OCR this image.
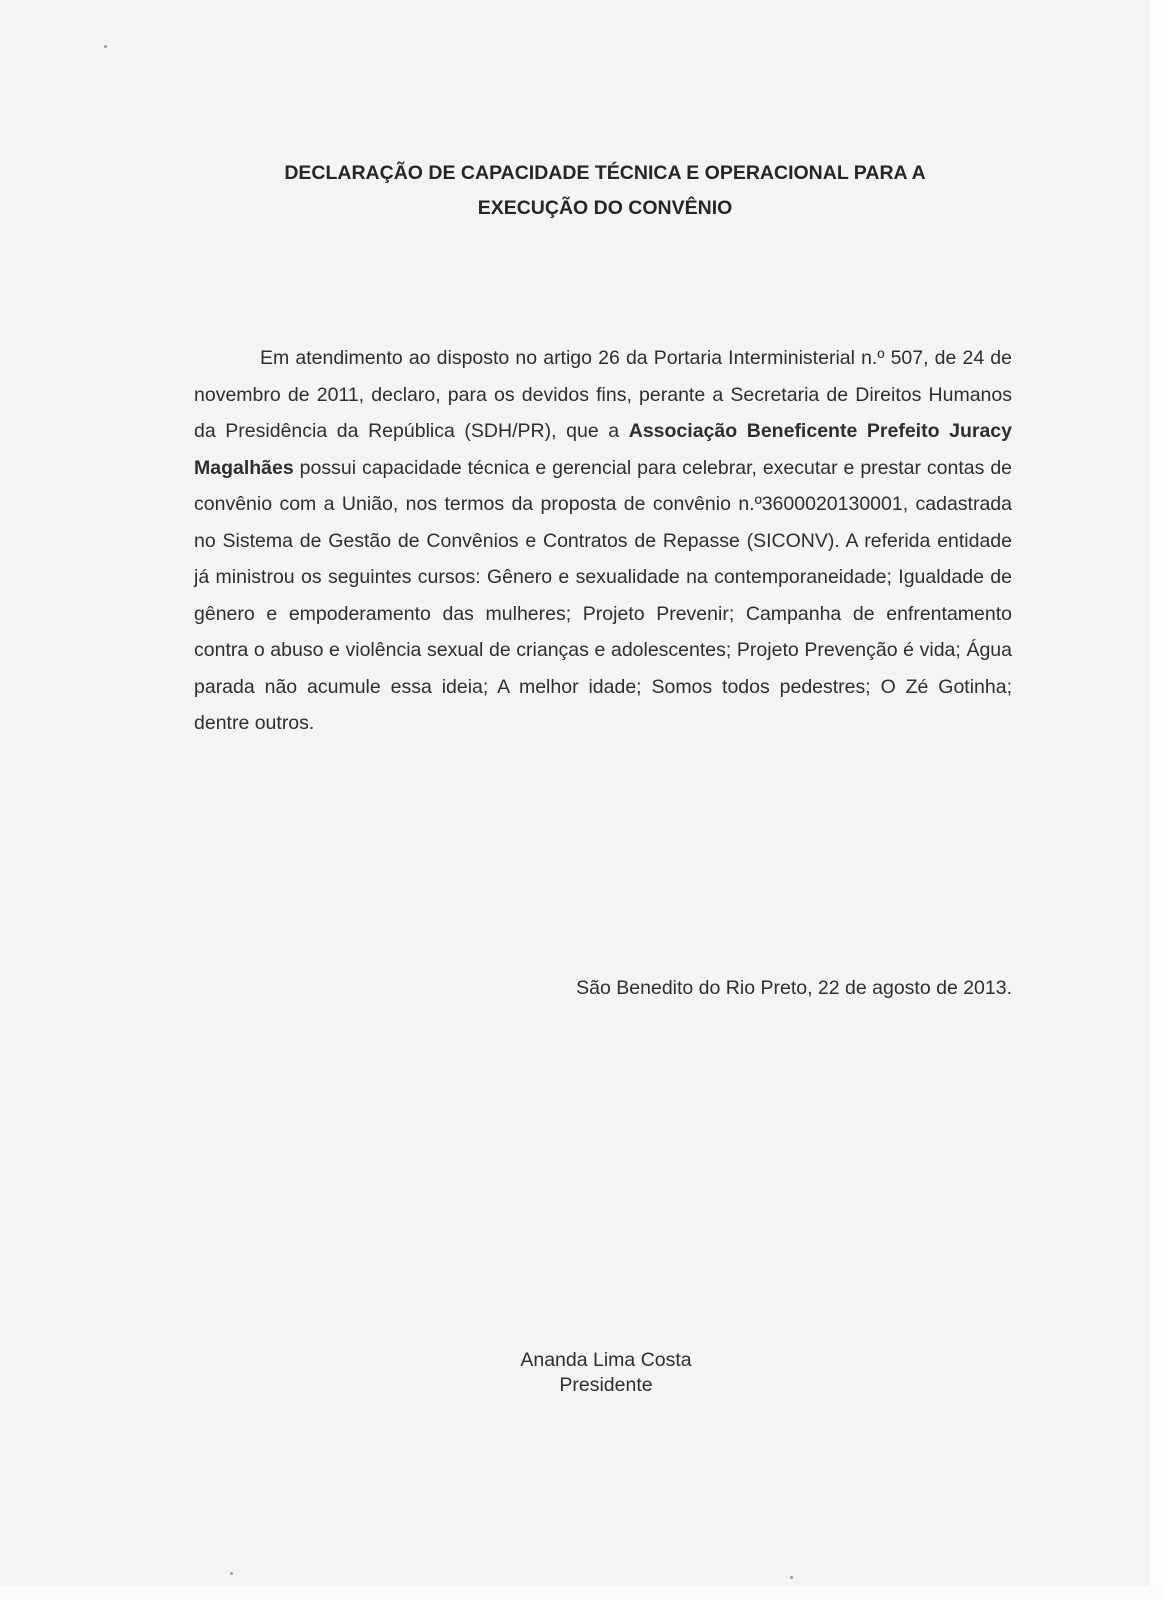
DECLARAÇÃO DE CAPACIDADE TÉCNICA E OPERACIONAL PARA A
EXECUÇÃO DO CONVÊNIO

Em atendimento ao disposto no artigo 26 da Portaria Interministerial n.º 507, de 24 de novembro de 2011, declaro, para os devidos fins, perante a Secretaria de Direitos Humanos da Presidência da República (SDH/PR), que a Associação Beneficente Prefeito Juracy Magalhães possui capacidade técnica e gerencial para celebrar, executar e prestar contas de convênio com a União, nos termos da proposta de convênio n.º3600020130001, cadastrada no Sistema de Gestão de Convênios e Contratos de Repasse (SICONV). A referida entidade já ministrou os seguintes cursos: Gênero e sexualidade na contemporaneidade; Igualdade de gênero e empoderamento das mulheres; Projeto Prevenir; Campanha de enfrentamento contra o abuso e violência sexual de crianças e adolescentes; Projeto Prevenção é vida; Água parada não acumule essa ideia; A melhor idade; Somos todos pedestres; O Zé Gotinha; dentre outros.

São Benedito do Rio Preto, 22 de agosto de 2013.

Ananda Lima Costa
Presidente
